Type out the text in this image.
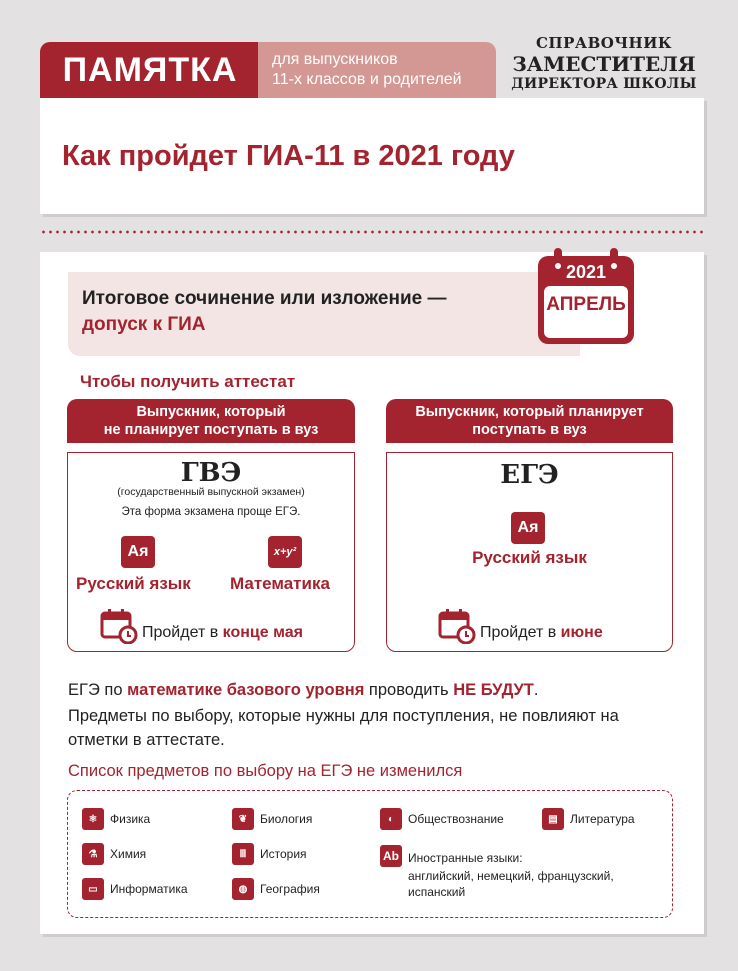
ПАМЯТКА для выпускников
11-х классов и родителей
СПРАВОЧНИК
ЗАМЕСТИТЕЛЯ
ДИРЕКТОРА ШКОЛЫ
Как пройдет ГИА-11 в 2021 году
Итоговое сочинение или изложение —
допуск к ГИА
2021
АПРЕЛЬ
Чтобы получить аттестат
Выпускник, который
не планирует поступать в вуз
ГВЭ
(государственный выпускной экзамен)
Эта форма экзамена проще ЕГЭ.
Ая
Русский язык
x+y²
Математика
Пройдет в конце мая
Выпускник, который планирует
поступать в вуз
ЕГЭ
Ая
Русский язык
Пройдет в июне
ЕГЭ по математике базового уровня проводить НЕ БУДУТ.
Предметы по выбору, которые нужны для поступления, не повлияют на отметки в аттестате.
Список предметов по выбору на ЕГЭ не изменился
⚛	Физика
⚗	Химия
▭	Информатика
❦	Биология
Ⅲ	История
◍	География
◐	Обществознание
Ab Иностранные языки:
английский, немецкий, французский,
испанский
▤	Литература
